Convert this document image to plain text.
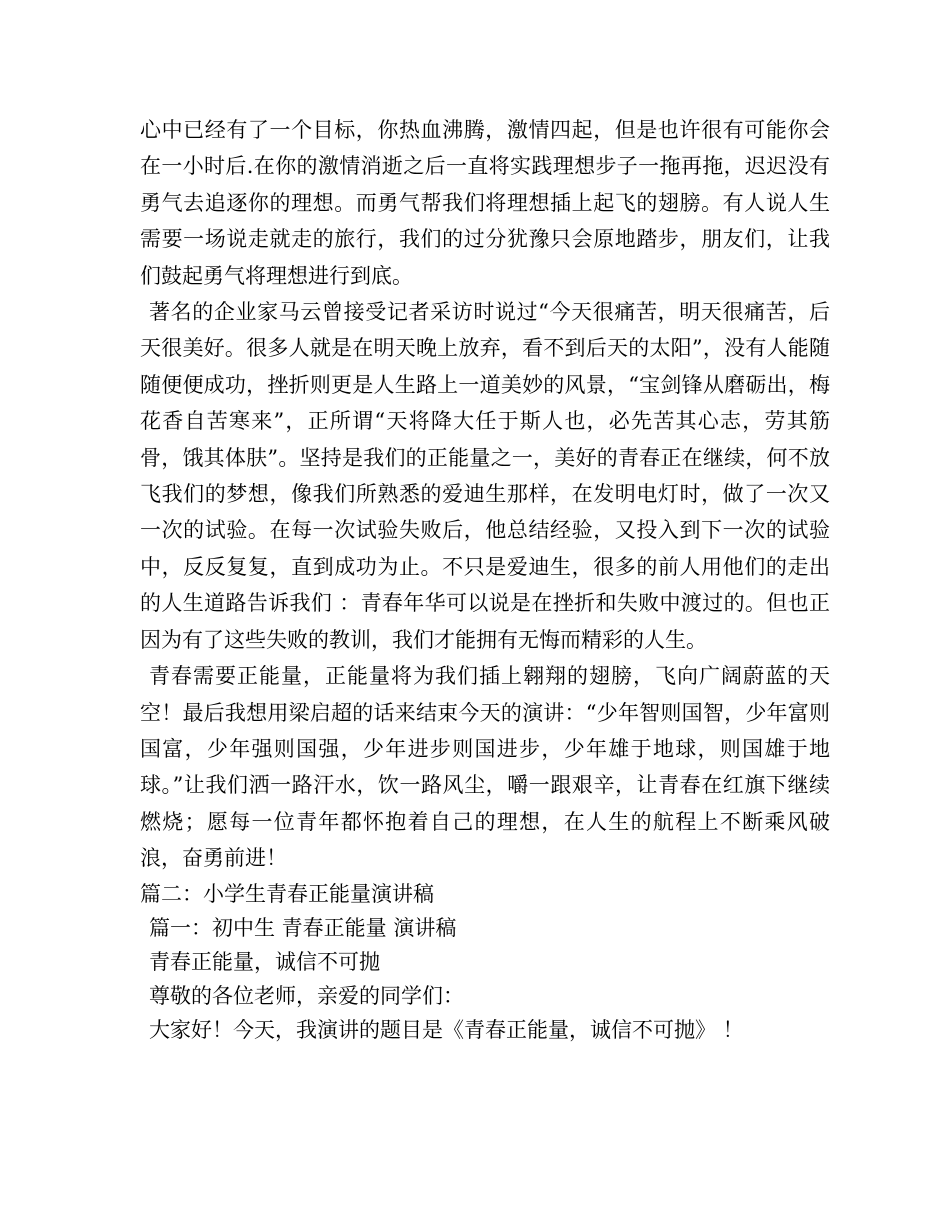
心中已经有了一个目标，你热血沸腾，激情四起，但是也许很有可能你会在一小时后.在你的激情消逝之后一直将实践理想步子一拖再拖，迟迟没有勇气去追逐你的理想。而勇气帮我们将理想插上起飞的翅膀。有人说人生需要一场说走就走的旅行，我们的过分犹豫只会原地踏步，朋友们，让我们鼓起勇气将理想进行到底。

著名的企业家马云曾接受记者采访时说过“今天很痛苦，明天很痛苦，后天很美好。很多人就是在明天晚上放弃，看不到后天的太阳”，没有人能随随便便成功，挫折则更是人生路上一道美妙的风景，“宝剑锋从磨砺出，梅花香自苦寒来”，正所谓“天将降大任于斯人也，必先苦其心志，劳其筋骨，饿其体肤”。坚持是我们的正能量之一，美好的青春正在继续，何不放飞我们的梦想，像我们所熟悉的爱迪生那样，在发明电灯时，做了一次又一次的试验。在每一次试验失败后，他总结经验，又投入到下一次的试验中，反反复复，直到成功为止。不只是爱迪生，很多的前人用他们的走出的人生道路告诉我们 ：青春年华可以说是在挫折和失败中渡过的。但也正因为有了这些失败的教训，我们才能拥有无悔而精彩的人生。

青春需要正能量，正能量将为我们插上翱翔的翅膀，飞向广阔蔚蓝的天空！最后我想用梁启超的话来结束今天的演讲：“少年智则国智，少年富则国富，少年强则国强，少年进步则国进步，少年雄于地球，则国雄于地球。”让我们洒一路汗水，饮一路风尘，嚼一跟艰辛，让青春在红旗下继续燃烧；愿每一位青年都怀抱着自己的理想，在人生的航程上不断乘风破浪，奋勇前进！

篇二：小学生青春正能量演讲稿

篇一：初中生 青春正能量 演讲稿

青春正能量，诚信不可抛

尊敬的各位老师，亲爱的同学们：

大家好！今天，我演讲的题目是《青春正能量，诚信不可抛》 ！
